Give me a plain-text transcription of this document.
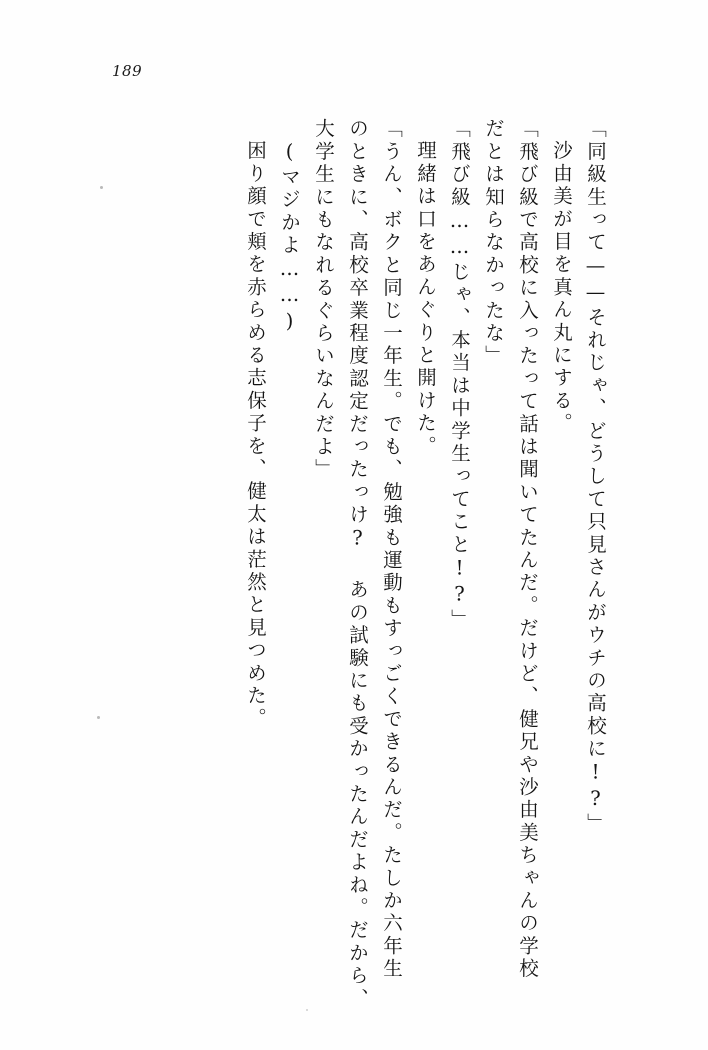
189
「同級生って——それじゃ、どうして只見さんがウチの高校に!?」
沙由美が目を真ん丸にする。
「飛び級で高校に入ったって話は聞いてたんだ。だけど、健兄や沙由美ちゃんの学校
だとは知らなかったな」
「飛び級……じゃ、本当は中学生ってこと!?」
理緒は口をあんぐりと開けた。
「うん、ボクと同じ一年生。でも、勉強も運動もすっごくできるんだ。たしか六年生
のときに、高校卒業程度認定だったっけ? あの試験にも受かったんだよね。だから、
大学生にもなれるぐらいなんだよ」
(マジかよ……)
困り顔で頬を赤らめる志保子を、健太は茫然と見つめた。
